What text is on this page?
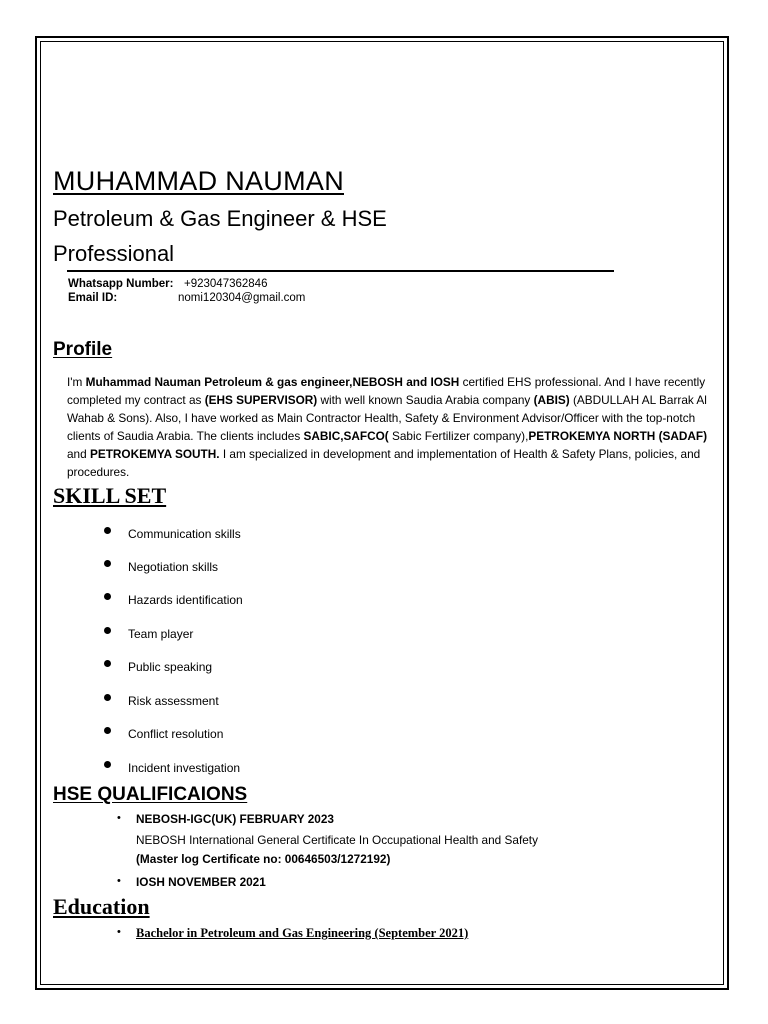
MUHAMMAD NAUMAN
Petroleum & Gas Engineer & HSE
Professional
Whatsapp Number: +923047362846
Email ID:	nomi120304@gmail.com
Profile
I'm Muhammad Nauman Petroleum & gas engineer,NEBOSH and IOSH certified EHS professional. And I have recently completed my contract as (EHS SUPERVISOR) with well known Saudia Arabia company (ABIS) (ABDULLAH AL Barrak Al Wahab & Sons). Also, I have worked as Main Contractor Health, Safety & Environment Advisor/Officer with the top-notch clients of Saudia Arabia. The clients includes SABIC,SAFCO( Sabic Fertilizer company),PETROKEMYA NORTH (SADAF) and PETROKEMYA SOUTH. I am specialized in development and implementation of Health & Safety Plans, policies, and procedures.
SKILL SET
Communication skills
Negotiation skills
Hazards identification
Team player
Public speaking
Risk assessment
Conflict resolution
Incident investigation
HSE QUALIFICAIONS
• NEBOSH-IGC(UK) FEBRUARY 2023
NEBOSH International General Certificate In Occupational Health and Safety
(Master log Certificate no: 00646503/1272192)
• IOSH NOVEMBER 2021
Education
• Bachelor in Petroleum and Gas Engineering (September 2021)
